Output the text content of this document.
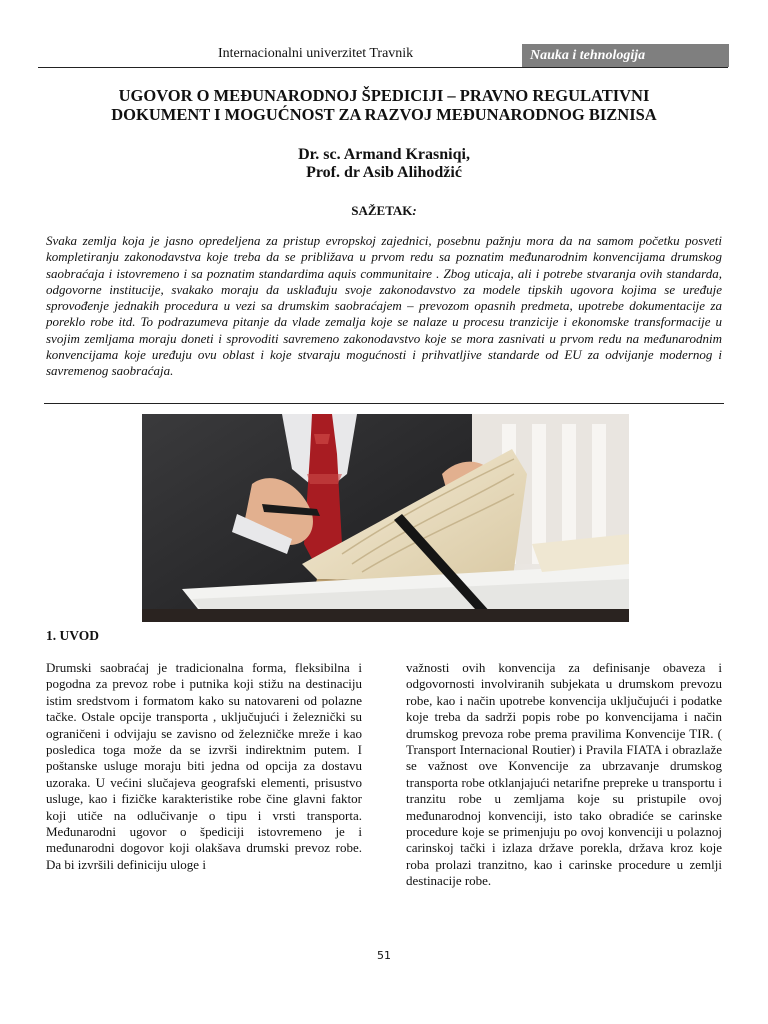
Internacionalni univerzitet Travnik	Nauka i tehnologija
UGOVOR O MEĐUNARODNOJ ŠPEDICIJI – PRAVNO REGULATIVNI
DOKUMENT I MOGUĆNOST ZA RAZVOJ MEĐUNARODNOG BIZNISA
Dr. sc. Armand Krasniqi,
Prof. dr Asib Alihodžić
SAŽETAK:

Svaka zemlja koja je jasno opredeljena za pristup evropskoj zajednici, posebnu pažnju mora da na samom početku posveti kompletiranju zakonodavstva koje treba da se približava u prvom redu sa poznatim međunarodnim konvencijama drumskog saobraćaja i istovremeno i sa poznatim standardima aquis communitaire . Zbog uticaja, ali i potrebe stvaranja ovih standarda, odgovorne institucije, svakako moraju da usklađuju svoje zakonodavstvo za modele tipskih ugovora kojima se uređuje sprovođenje jednakih procedura u vezi sa drumskim saobraćajem – prevozom opasnih predmeta, upotrebe dokumentacije za poreklo robe itd. To podrazumeva pitanje da vlade zemalja koje se nalaze u procesu tranzicije i ekonomske transformacije u svojim zemljama moraju doneti i sprovoditi savremeno zakonodavstvo koje se mora zasnivati u prvom redu na međunarodnim konvencijama koje uređuju ovu oblast i koje stvaraju mogućnosti i prihvatljive standarde od EU za odvijanje modernog i savremenog saobraćaja.

1. UVOD

Drumski saobraćaj je tradicionalna forma, fleksibilna i pogodna za prevoz robe i putnika koji stižu na destinaciju istim sredstvom i formatom kako su natovareni od polazne tačke. Ostale opcije transporta , uključujući i železnički su ograničeni i odvijaju se zavisno od železničke mreže i kao posledica toga može da se izvrši indirektnim putem. I poštanske usluge moraju biti jedna od opcija za dostavu uzoraka. U većini slučajeva geografski elementi, prisustvo usluge, kao i fizičke karakteristike robe čine glavni faktor koji utiče na odlučivanje o tipu i vrsti transporta. Međunarodni ugovor o špediciji istovremeno je i međunarodni dogovor koji olakšava drumski prevoz robe. Da bi izvršili definiciju uloge i

važnosti ovih konvencija za definisanje obaveza i odgovornosti involviranih subjekata u drumskom prevozu robe, kao i način upotrebe konvencija uključujući i podatke koje treba da sadrži popis robe po konvencijama i način drumskog prevoza robe prema pravilima Konvencije TIR. ( Transport Internacional Routier) i Pravila FIATA i obrazlaže se važnost ove Konvencije za ubrzavanje drumskog transporta robe otklanjajući netarifne prepreke u transportu i tranzitu robe u zemljama koje su pristupile ovoj međunarodnoj konvenciji, isto tako obradiće se carinske procedure koje se primenjuju po ovoj konvenciji u polaznoj carinskoj tački i izlaza države porekla, država kroz koje roba prolazi tranzitno, kao i carinske procedure u zemlji destinacije robe.

51
